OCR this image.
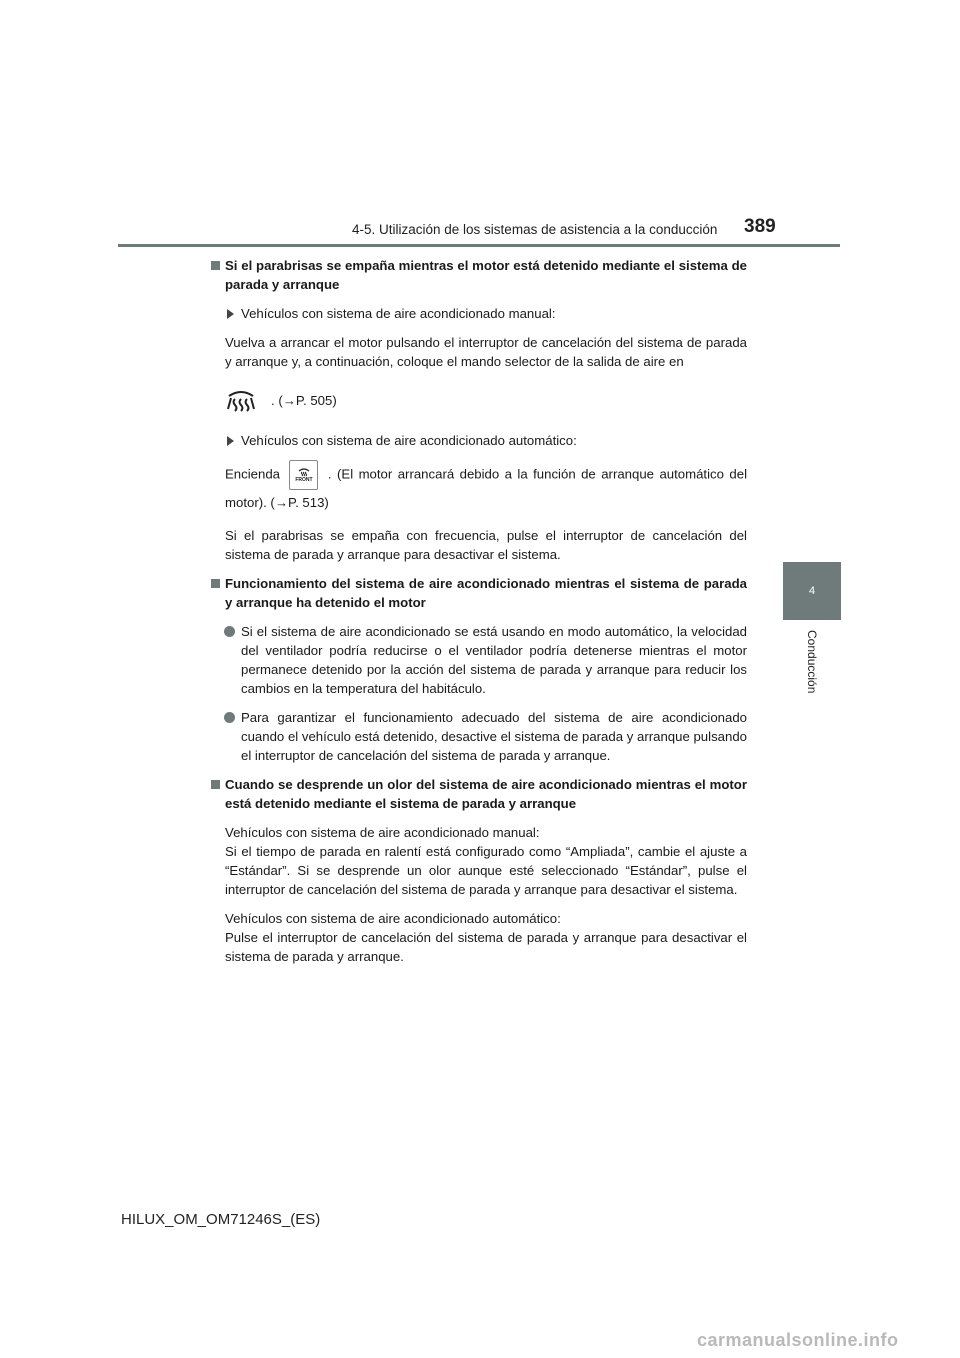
4-5. Utilización de los sistemas de asistencia a la conducción 389
4
Conducción
Si el parabrisas se empaña mientras el motor está detenido mediante el sistema de parada y arranque
Vehículos con sistema de aire acondicionado manual:
Vuelva a arrancar el motor pulsando el interruptor de cancelación del sistema de parada y arranque y, a continuación, coloque el mando selector de la salida de aire en
. (→P. 505)
Vehículos con sistema de aire acondicionado automático:
Encienda	FRONT . (El motor arrancará debido a la función de arranque automático del motor). (→P. 513)
Si el parabrisas se empaña con frecuencia, pulse el interruptor de cancelación del sistema de parada y arranque para desactivar el sistema.
Funcionamiento del sistema de aire acondicionado mientras el sistema de parada y arranque ha detenido el motor
Si el sistema de aire acondicionado se está usando en modo automático, la velocidad del ventilador podría reducirse o el ventilador podría detenerse mientras el motor permanece detenido por la acción del sistema de parada y arranque para reducir los cambios en la temperatura del habitáculo.
Para garantizar el funcionamiento adecuado del sistema de aire acondicionado cuando el vehículo está detenido, desactive el sistema de parada y arranque pulsando el interruptor de cancelación del sistema de parada y arranque.
Cuando se desprende un olor del sistema de aire acondicionado mientras el motor está detenido mediante el sistema de parada y arranque
Vehículos con sistema de aire acondicionado manual:
Si el tiempo de parada en ralentí está configurado como “Ampliada”, cambie el ajuste a “Estándar”. Si se desprende un olor aunque esté seleccionado “Estándar”, pulse el interruptor de cancelación del sistema de parada y arranque para desactivar el sistema.
Vehículos con sistema de aire acondicionado automático:
Pulse el interruptor de cancelación del sistema de parada y arranque para desactivar el sistema de parada y arranque.
HILUX_OM_OM71246S_(ES)
carmanualsonline.info
